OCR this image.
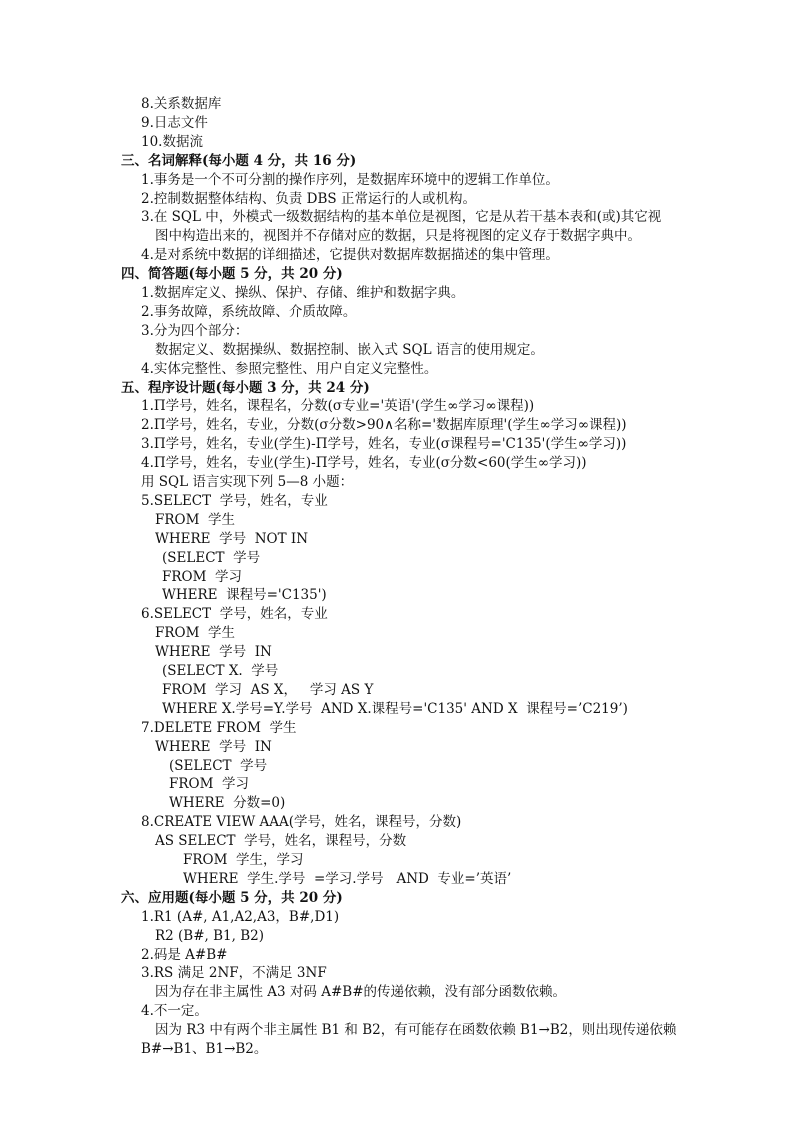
8.关系数据库
9.日志文件
10.数据流
三、名词解释(每小题 4 分，共 16 分)
1.事务是一个不可分割的操作序列，是数据库环境中的逻辑工作单位。
2.控制数据整体结构、负责 DBS 正常运行的人或机构。
3.在 SQL 中，外模式一级数据结构的基本单位是视图，它是从若干基本表和(或)其它视
图中构造出来的，视图并不存储对应的数据，只是将视图的定义存于数据字典中。
4.是对系统中数据的详细描述，它提供对数据库数据描述的集中管理。
四、简答题(每小题 5 分，共 20 分)
1.数据库定义、操纵、保护、存储、维护和数据字典。
2.事务故障，系统故障、介质故障。
3.分为四个部分：
数据定义、数据操纵、数据控制、嵌入式 SQL 语言的使用规定。
4.实体完整性、参照完整性、用户自定义完整性。
五、程序设计题(每小题 3 分，共 24 分)
1.Π学号，姓名，课程名，分数(σ专业='英语'(学生∞学习∞课程))
2.Π学号，姓名，专业，分数(σ分数>90∧名称='数据库原理'(学生∞学习∞课程))
3.Π学号，姓名，专业(学生)-Π学号，姓名，专业(σ课程号='C135'(学生∞学习))
4.Π学号，姓名，专业(学生)-Π学号，姓名，专业(σ分数<60(学生∞学习))
用 SQL 语言实现下列 5—8 小题：
5.SELECT  学号，姓名，专业
FROM  学生
WHERE  学号  NOT IN
(SELECT  学号
FROM  学习
WHERE  课程号='C135')
6.SELECT  学号，姓名，专业
FROM  学生
WHERE  学号  IN
(SELECT X.  学号
FROM  学习  AS X，   学习 AS Y
WHERE X.学号=Y.学号  AND X.课程号='C135' AND X  课程号=’C219’)
7.DELETE FROM  学生
WHERE  学号  IN
(SELECT  学号
FROM  学习
WHERE  分数=0)
8.CREATE VIEW AAA(学号，姓名，课程号，分数)
AS SELECT  学号，姓名，课程号，分数
FROM  学生，学习
WHERE  学生.学号  =学习.学号   AND  专业=’英语’
六、应用题(每小题 5 分，共 20 分)
1.R1 (A#, A1,A2,A3，B#,D1)
R2 (B#, B1, B2)
2.码是 A#B#
3.RS 满足 2NF，不满足 3NF
因为存在非主属性 A3 对码 A#B#的传递依赖，没有部分函数依赖。
4.不一定。
因为 R3 中有两个非主属性 B1 和 B2，有可能存在函数依赖 B1→B2，则出现传递依赖
B#→B1、B1→B2。
